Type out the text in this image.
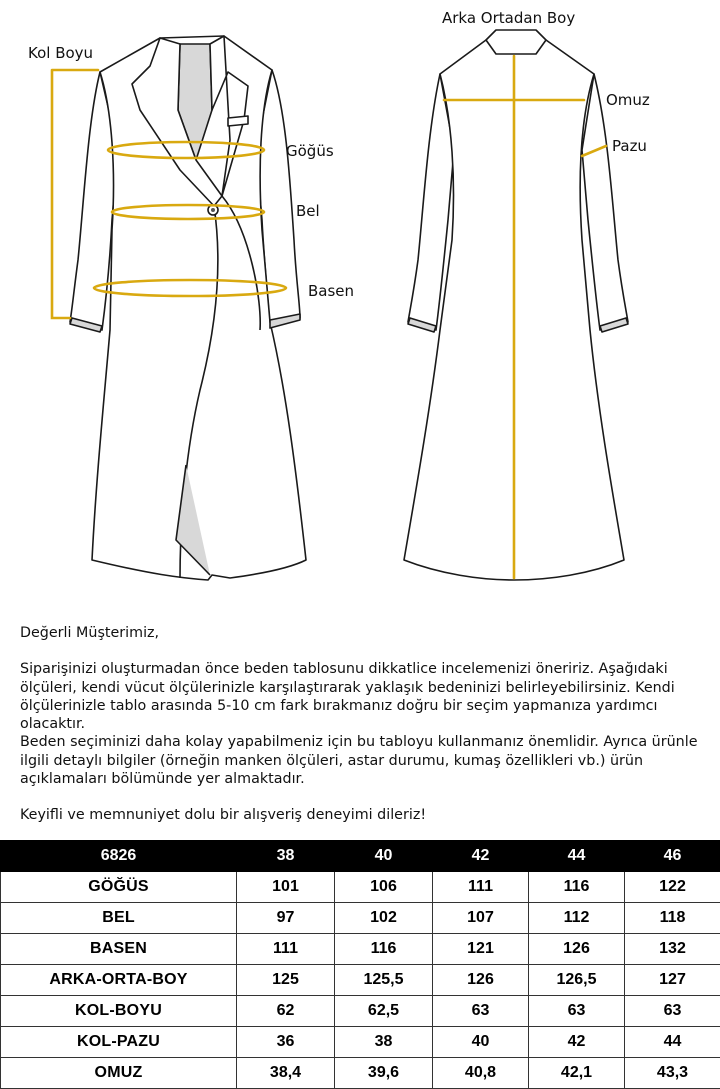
Kol Boyu
Göğüs
Bel
Basen
Arka Ortadan Boy
Omuz
Pazu

Değerli Müşterimiz,

Siparişinizi oluşturmadan önce beden tablosunu dikkatlice incelemenizi öneririz. Aşağıdaki ölçüleri, kendi vücut ölçülerinizle karşılaştırarak yaklaşık bedeninizi belirleyebilirsiniz. Kendi ölçülerinizle tablo arasında 5-10 cm fark bırakmanız doğru bir seçim yapmanıza yardımcı olacaktır.

Beden seçiminizi daha kolay yapabilmeniz için bu tabloyu kullanmanız önemlidir. Ayrıca ürünle ilgili detaylı bilgiler (örneğin manken ölçüleri, astar durumu, kumaş özellikleri vb.) ürün açıklamaları bölümünde yer almaktadır.

Keyifli ve memnuniyet dolu bir alışveriş deneyimi dileriz!

6826	38	40	42	44	46
GÖĞÜS	101	106	111	116	122
BEL	97	102	107	112	118
BASEN	111	116	121	126	132
ARKA-ORTA-BOY	125	125,5	126	126,5	127
KOL-BOYU	62	62,5	63	63	63
KOL-PAZU	36	38	40	42	44
OMUZ	38,4	39,6	40,8	42,1	43,3
